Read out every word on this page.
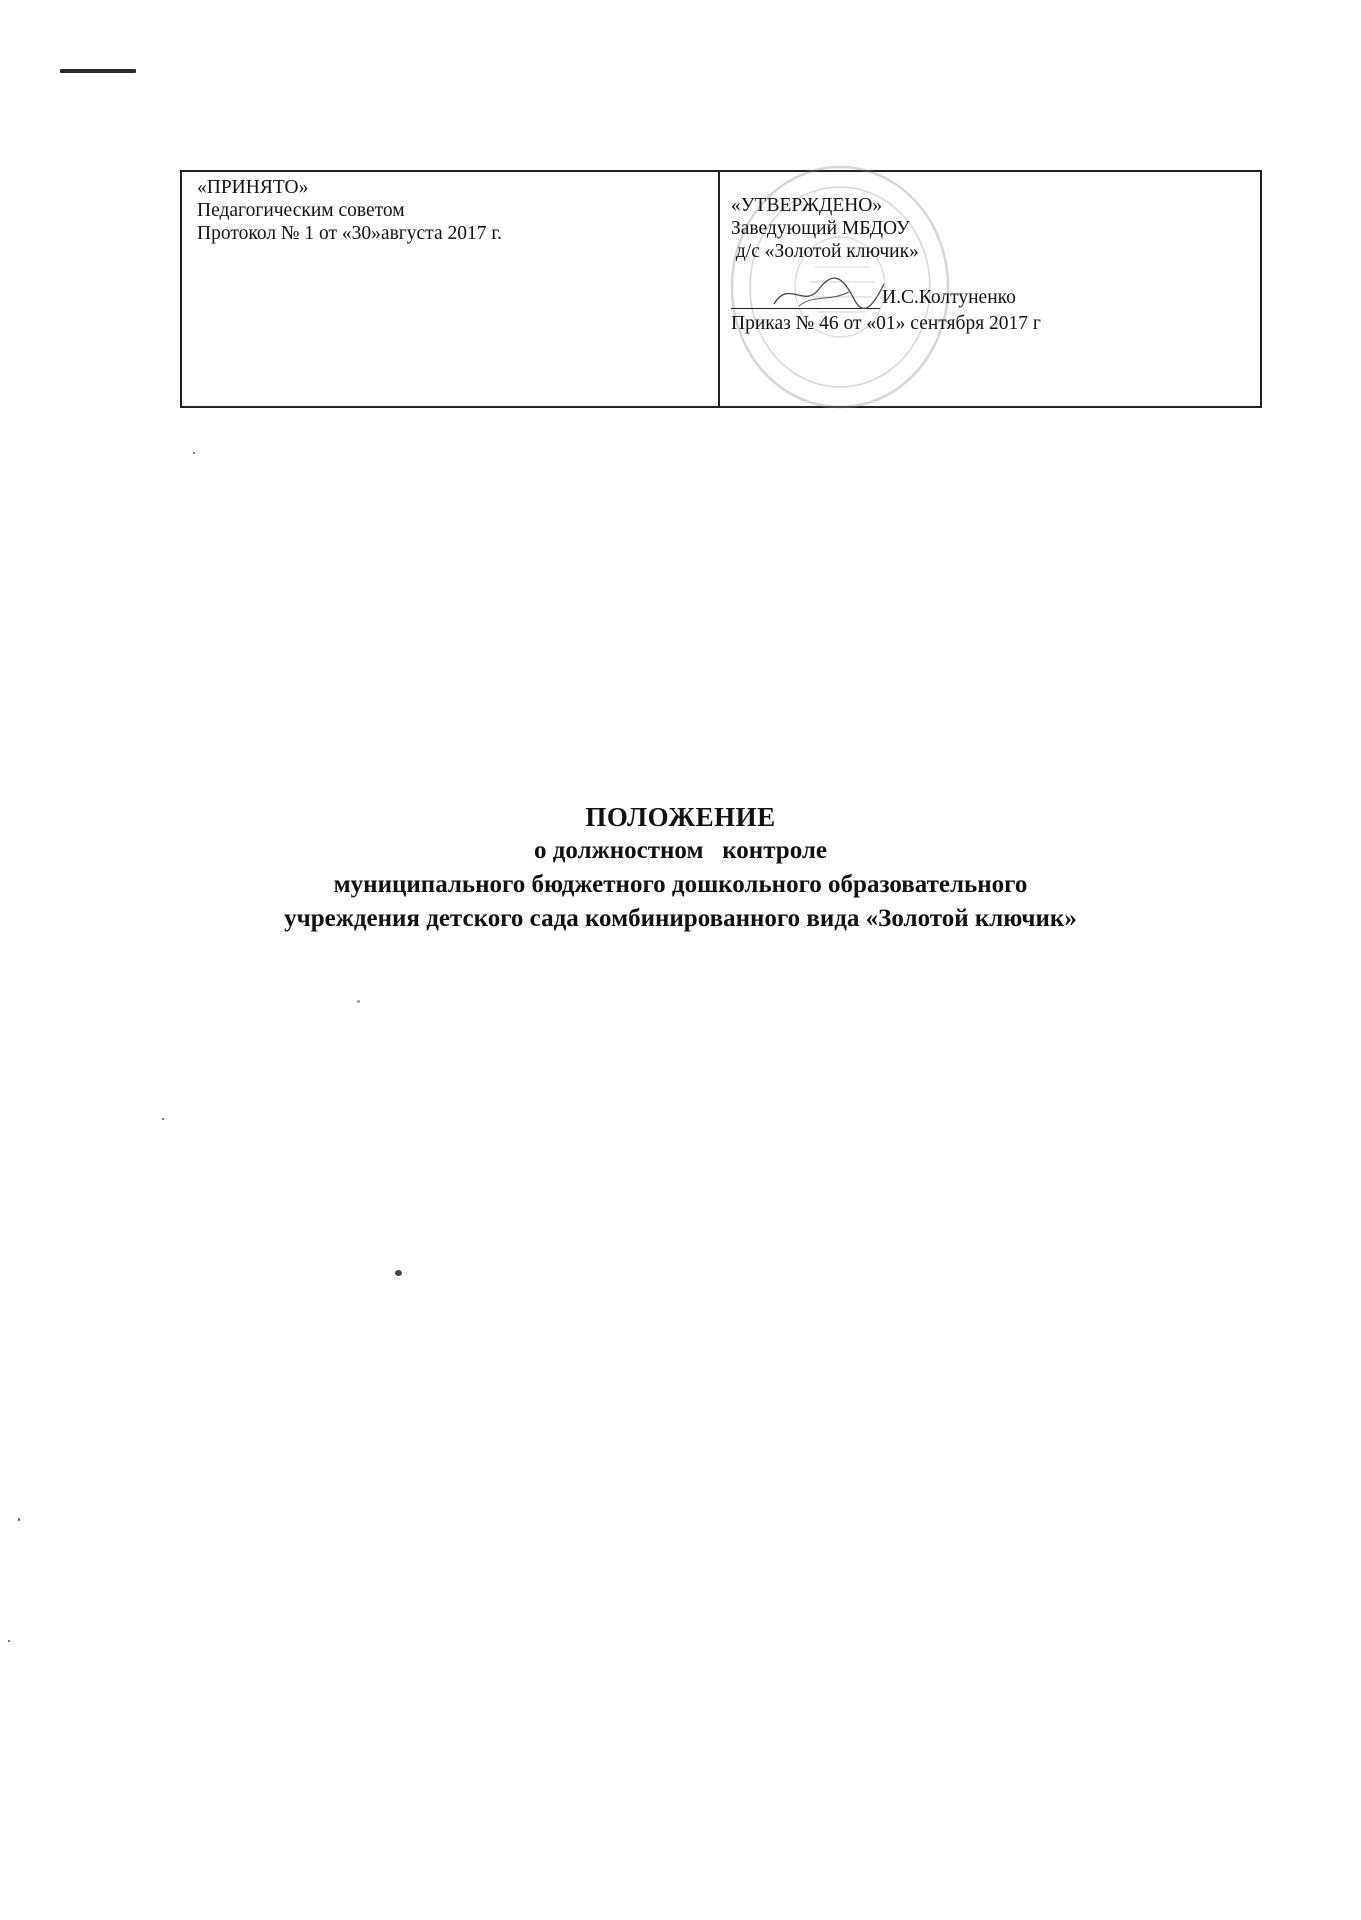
«ПРИНЯТО»
Педагогическим советом
Протокол № 1 от «30»августа 2017 г.
«УТВЕРЖДЕНО»
Заведующий МБДОУ
д/с «Золотой ключик»
И.С.Колтуненко
Приказ № 46 от «01» сентября 2017 г
ПОЛОЖЕНИЕ
о должностном   контроле
муниципального бюджетного дошкольного образовательного
учреждения детского сада комбинированного вида «Золотой ключик»
